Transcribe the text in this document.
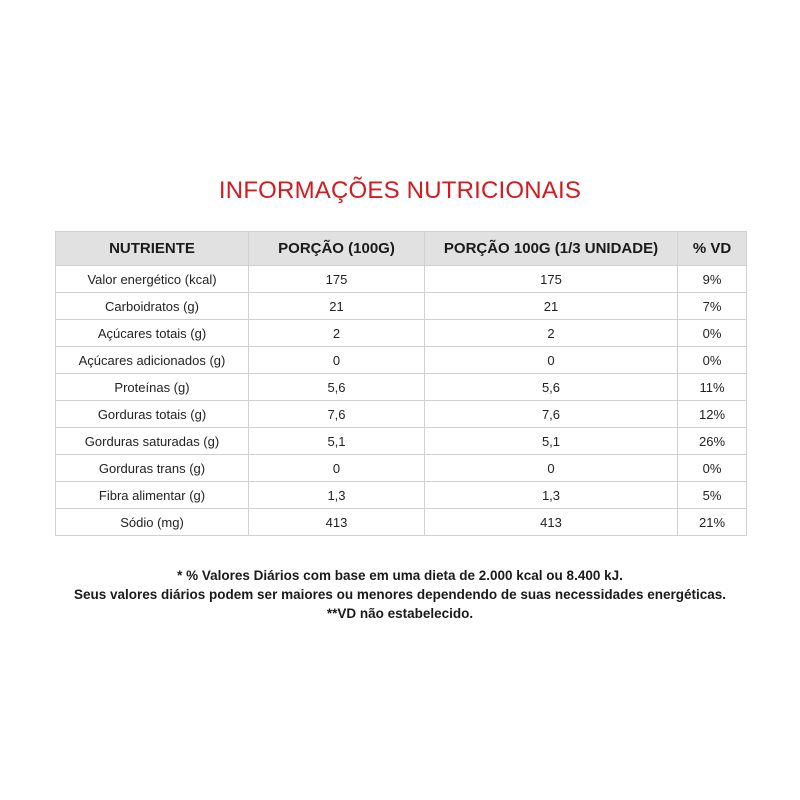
INFORMAÇÕES NUTRICIONAIS
NUTRIENTE	PORÇÃO (100G)	PORÇÃO 100G (1/3 UNIDADE)	% VD
Valor energético (kcal)	175	175	9%
Carboidratos (g)	21	21	7%
Açúcares totais (g)	2	2	0%
Açúcares adicionados (g)	0	0	0%
Proteínas (g)	5,6	5,6	11%
Gorduras totais (g)	7,6	7,6	12%
Gorduras saturadas (g)	5,1	5,1	26%
Gorduras trans (g)	0	0	0%
Fibra alimentar (g)	1,3	1,3	5%
Sódio (mg)	413	413	21%
* % Valores Diários com base em uma dieta de 2.000 kcal ou 8.400 kJ.
Seus valores diários podem ser maiores ou menores dependendo de suas necessidades energéticas.
**VD não estabelecido.
